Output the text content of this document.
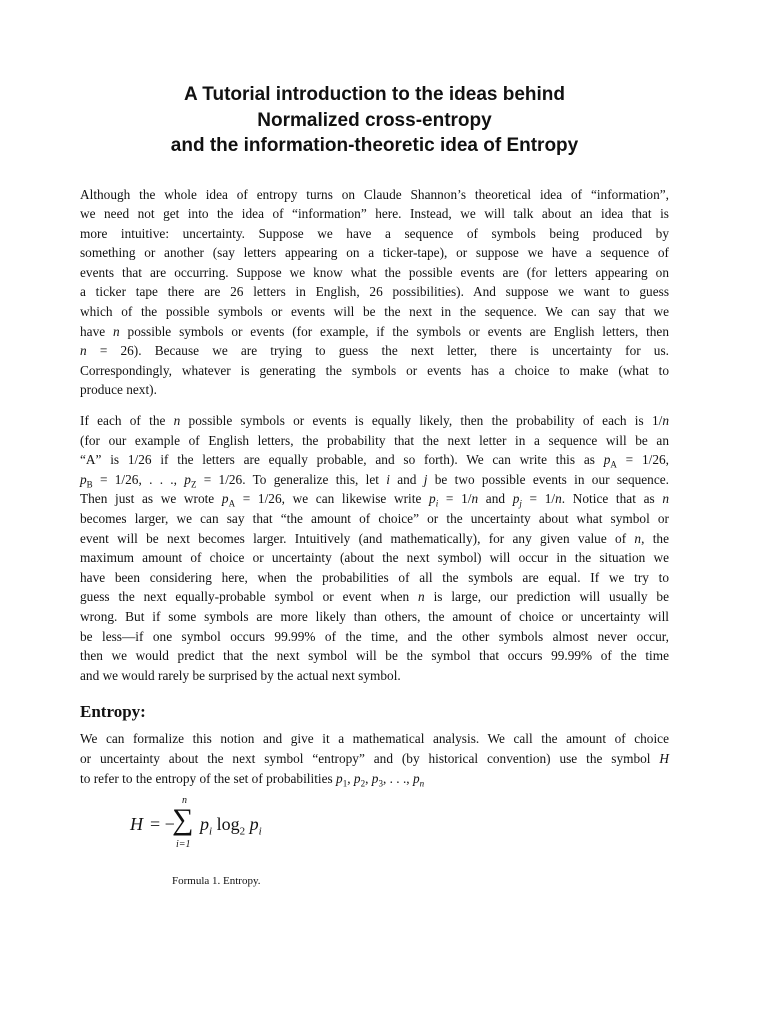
A Tutorial introduction to the ideas behind
Normalized cross-entropy
and the information-theoretic idea of Entropy
Although the whole idea of entropy turns on Claude Shannon’s theoretical idea of “information”,
we need not get into the idea of “information” here. Instead, we will talk about an idea that is
more intuitive: uncertainty. Suppose we have a sequence of symbols being produced by
something or another (say letters appearing on a ticker-tape), or suppose we have a sequence of
events that are occurring. Suppose we know what the possible events are (for letters appearing on
a ticker tape there are 26 letters in English, 26 possibilities). And suppose we want to guess
which of the possible symbols or events will be the next in the sequence. We can say that we
have n possible symbols or events (for example, if the symbols or events are English letters, then
n = 26). Because we are trying to guess the next letter, there is uncertainty for us.
Correspondingly, whatever is generating the symbols or events has a choice to make (what to
produce next).
If each of the n possible symbols or events is equally likely, then the probability of each is 1/n
(for our example of English letters, the probability that the next letter in a sequence will be an
“A” is 1/26 if the letters are equally probable, and so forth). We can write this as $p_A = 1/26$,
$p_B = 1/26$, . . ., $p_Z = 1/26$. To generalize this, let i and j be two possible events in our sequence.
Then just as we wrote $p_A = 1/26$, we can likewise write $p_i = 1/n$ and $p_j = 1/n$. Notice that as n
becomes larger, we can say that “the amount of choice” or the uncertainty about what symbol or
event will be next becomes larger. Intuitively (and mathematically), for any given value of n, the
maximum amount of choice or uncertainty (about the next symbol) will occur in the situation we
have been considering here, when the probabilities of all the symbols are equal. If we try to
guess the next equally-probable symbol or event when n is large, our prediction will usually be
wrong. But if some symbols are more likely than others, the amount of choice or uncertainty will
be less—if one symbol occurs 99.99% of the time, and the other symbols almost never occur,
then we would predict that the next symbol will be the symbol that occurs 99.99% of the time
and we would rarely be surprised by the actual next symbol.
Entropy:
We can formalize this notion and give it a mathematical analysis. We call the amount of choice
or uncertainty about the next symbol “entropy” and (by historical convention) use the symbol H
to refer to the entropy of the set of probabilities $p_1$, $p_2$, $p_3$, . . ., $p_n$
H = −
∑
n
i=1
$p_i$ $\log_2 p_i$
Formula 1. Entropy.
